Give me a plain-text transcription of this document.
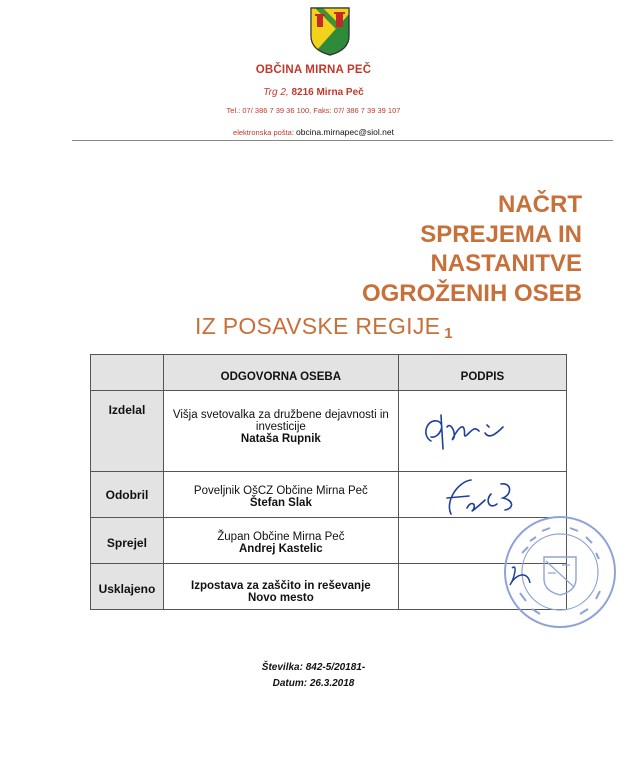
OBČINA MIRNA PEČ
Trg 2, 8216 Mirna Peč
Tel.: 07/ 386 7 39 36 100, Faks: 07/ 386 7 39 39 107
elektronska pošta: obcina.mirnapec@siol.net
NAČRT
SPREJEMA IN
NASTANITVE
OGROŽENIH OSEB
IZ POSAVSKE REGIJE $^1$

	ODGOVORNA OSEBA	PODPIS

Izdelal	Višja svetovalka za družbene dejavnosti in investicije
Nataša Rupnik

Odobril	Poveljnik OšCZ Občine Mirna Peč
Štefan Slak

Sprejel	Župan Občine Mirna Peč
Andrej Kastelic	

Usklajeno	Izpostava za zaščito in reševanje
Novo mesto	

Številka: 842-5/20181-
Datum: 26.3.2018
